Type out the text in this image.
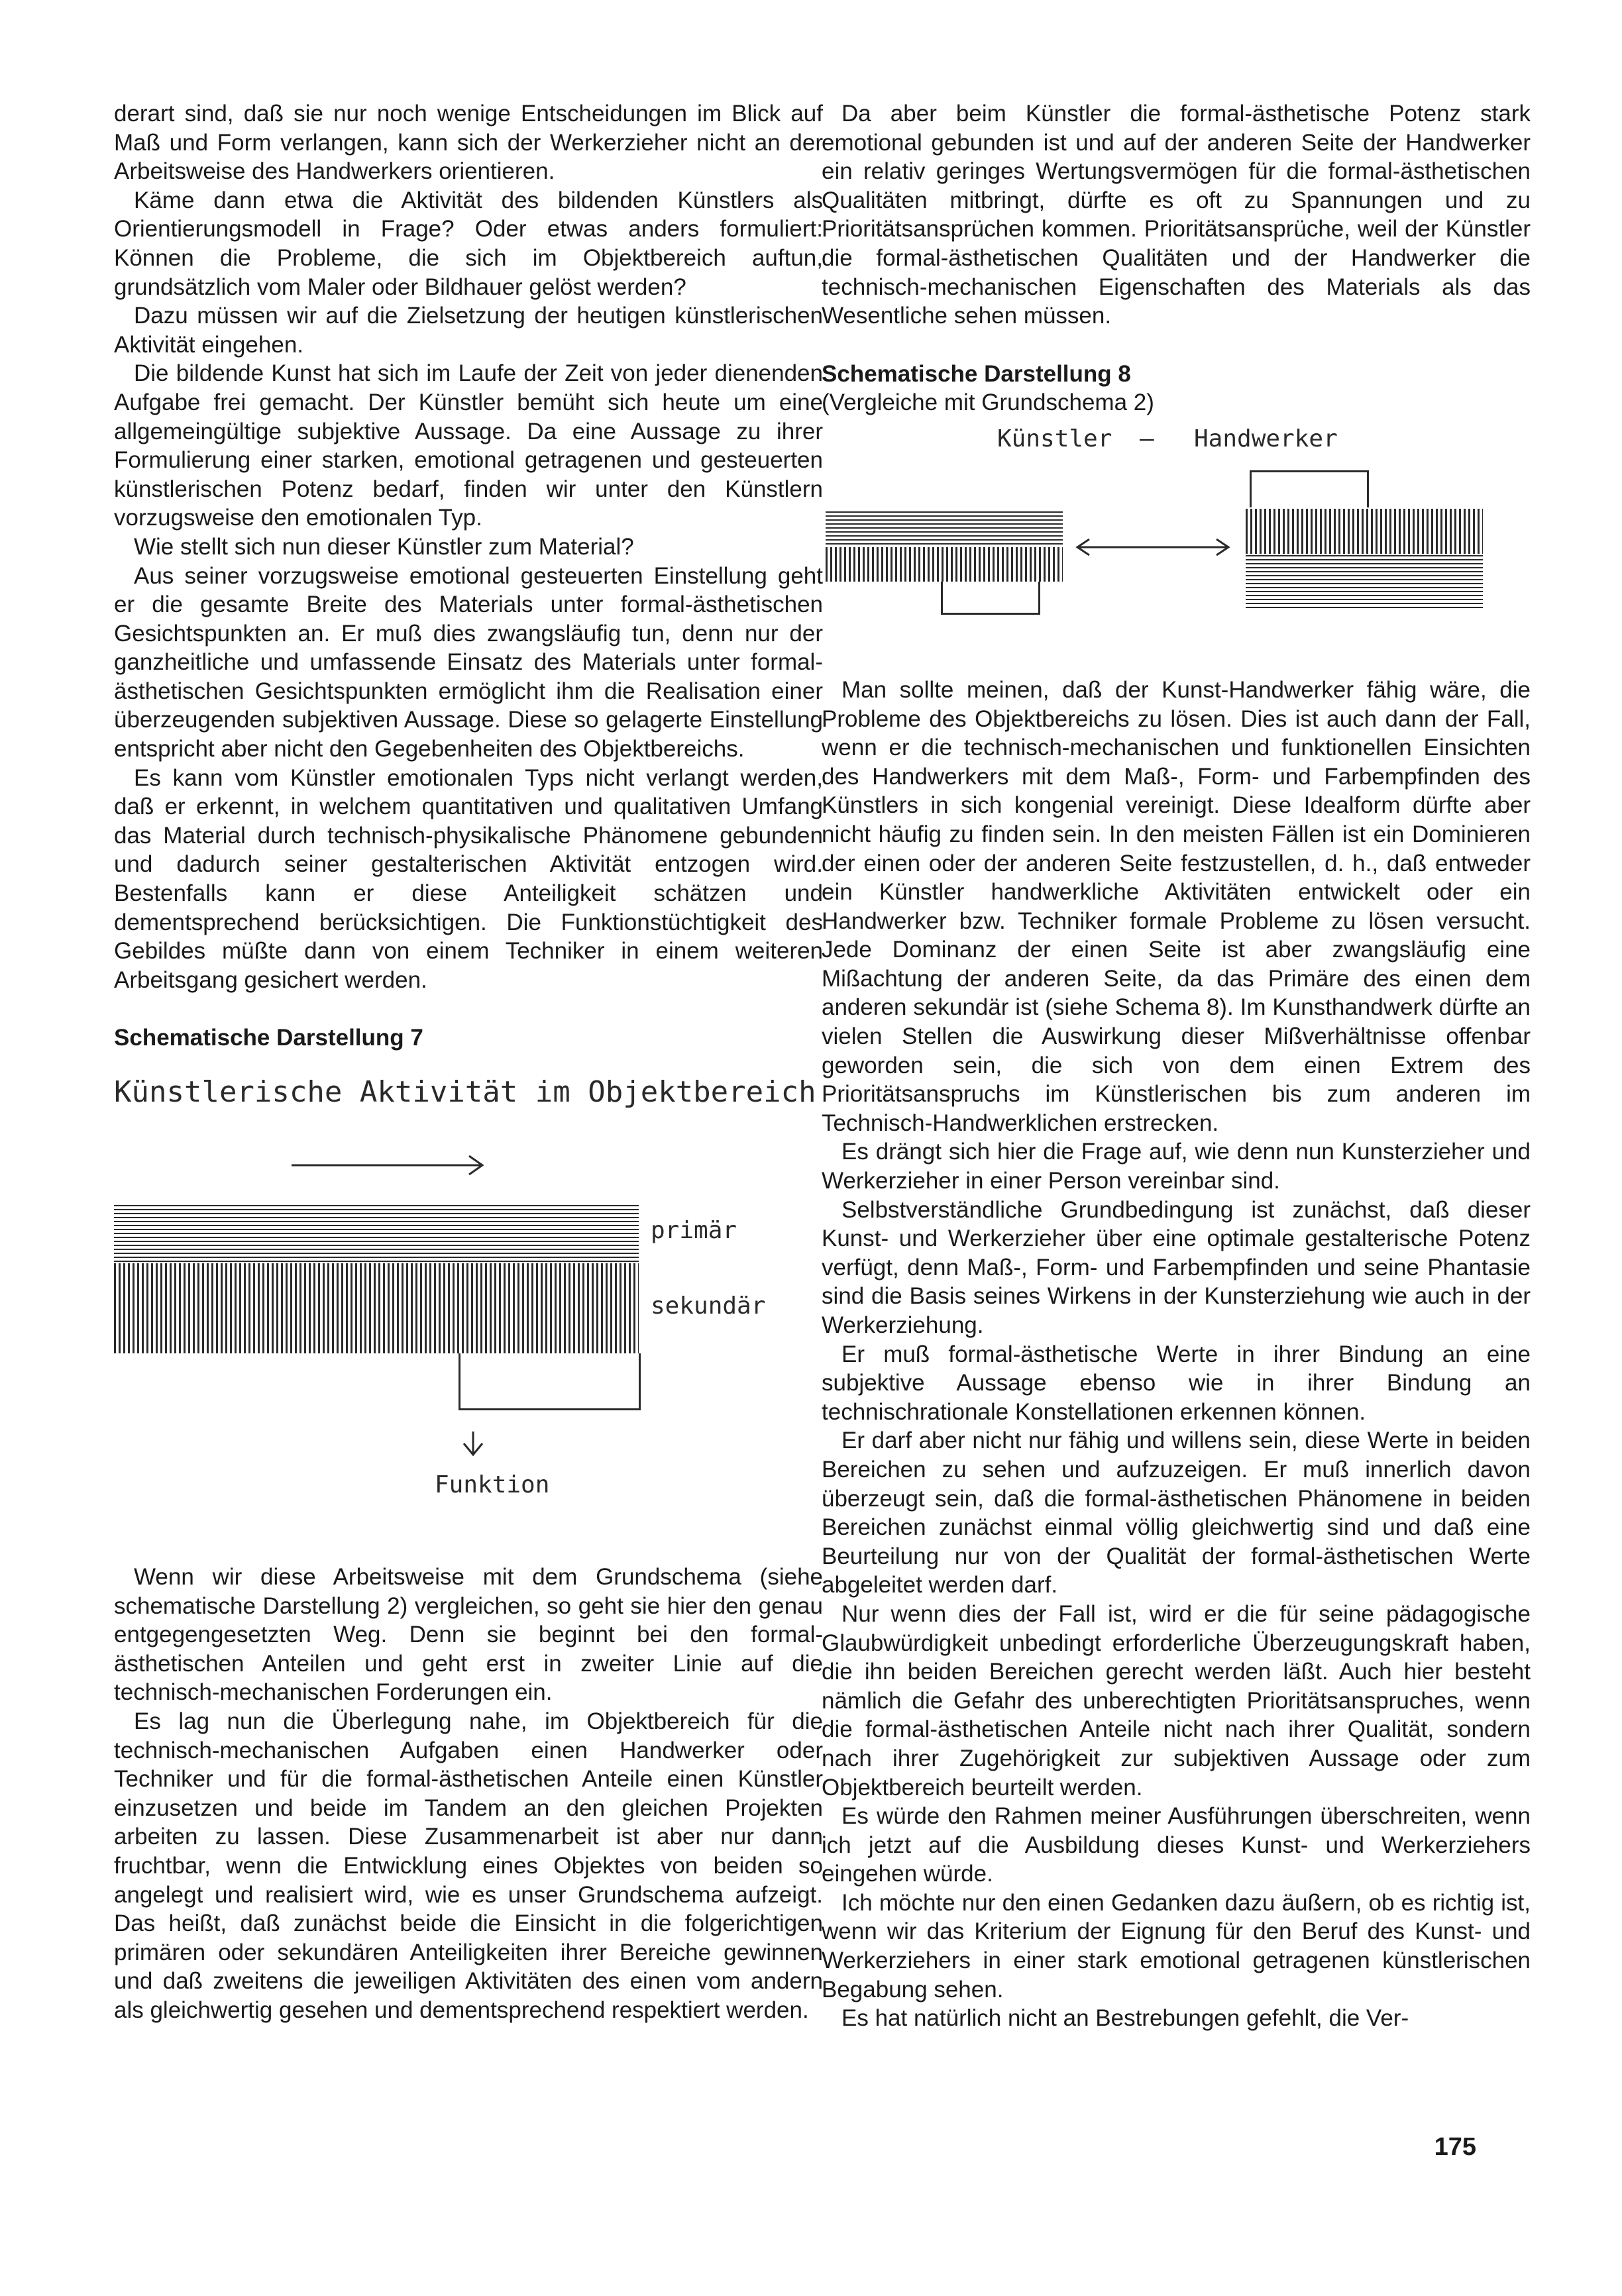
derart sind, daß sie nur noch wenige Entscheidungen im Blick auf Maß und Form verlangen, kann sich der Werkerzieher nicht an der Arbeitsweise des Handwerkers orientieren.

Käme dann etwa die Aktivität des bildenden Künstlers als Orientierungsmodell in Frage? Oder etwas anders formuliert: Können die Probleme, die sich im Objektbereich auftun, grundsätzlich vom Maler oder Bildhauer gelöst werden?

Dazu müssen wir auf die Zielsetzung der heutigen künstlerischen Aktivität eingehen.

Die bildende Kunst hat sich im Laufe der Zeit von jeder dienenden Aufgabe frei gemacht. Der Künstler bemüht sich heute um eine allgemeingültige subjektive Aussage. Da eine Aussage zu ihrer Formulierung einer starken, emotional getragenen und gesteuerten künstlerischen Potenz bedarf, finden wir unter den Künstlern vorzugsweise den emotionalen Typ.

Wie stellt sich nun dieser Künstler zum Material?

Aus seiner vorzugsweise emotional gesteuerten Einstellung geht er die gesamte Breite des Materials unter formal-ästhetischen Gesichtspunkten an. Er muß dies zwangsläufig tun, denn nur der ganzheitliche und umfassende Einsatz des Materials unter formal-ästhetischen Gesichtspunkten ermöglicht ihm die Realisation einer überzeugenden subjektiven Aussage. Diese so gelagerte Einstellung entspricht aber nicht den Gegebenheiten des Objektbereichs.

Es kann vom Künstler emotionalen Typs nicht verlangt werden, daß er erkennt, in welchem quantitativen und qualitativen Umfang das Material durch technisch-physikalische Phänomene gebunden und dadurch seiner gestalterischen Aktivität entzogen wird. Bestenfalls kann er diese Anteiligkeit schätzen und dementsprechend berücksichtigen. Die Funktionstüchtigkeit des Gebildes müßte dann von einem Techniker in einem weiteren Arbeitsgang gesichert werden.

Schematische Darstellung 7

Künstlerische Aktivität im Objektbereich
primär
sekundär
Funktion

Wenn wir diese Arbeitsweise mit dem Grundschema (siehe schematische Darstellung 2) vergleichen, so geht sie hier den genau entgegengesetzten Weg. Denn sie beginnt bei den formal-ästhetischen Anteilen und geht erst in zweiter Linie auf die technisch-mechanischen Forderungen ein.

Es lag nun die Überlegung nahe, im Objektbereich für die technisch-mechanischen Aufgaben einen Handwerker oder Techniker und für die formal-ästhetischen Anteile einen Künstler einzusetzen und beide im Tandem an den gleichen Projekten arbeiten zu lassen. Diese Zusammenarbeit ist aber nur dann fruchtbar, wenn die Entwicklung eines Objektes von beiden so angelegt und realisiert wird, wie es unser Grundschema aufzeigt. Das heißt, daß zunächst beide die Einsicht in die folgerichtigen primären oder sekundären Anteiligkeiten ihrer Bereiche gewinnen und daß zweitens die jeweiligen Aktivitäten des einen vom andern als gleichwertig gesehen und dementsprechend respektiert werden.

Da aber beim Künstler die formal-ästhetische Potenz stark emotional gebunden ist und auf der anderen Seite der Handwerker ein relativ geringes Wertungsvermögen für die formal-ästhetischen Qualitäten mitbringt, dürfte es oft zu Spannungen und zu Prioritätsansprüchen kommen. Prioritätsansprüche, weil der Künstler die formal-ästhetischen Qualitäten und der Handwerker die technisch-mechanischen Eigenschaften des Materials als das Wesentliche sehen müssen.

Schematische Darstellung 8

(Vergleiche mit Grundschema 2)

Künstler — Handwerker

Man sollte meinen, daß der Kunst-Handwerker fähig wäre, die Probleme des Objektbereichs zu lösen. Dies ist auch dann der Fall, wenn er die technisch-mechanischen und funktionellen Einsichten des Handwerkers mit dem Maß-, Form- und Farbempfinden des Künstlers in sich kongenial vereinigt. Diese Idealform dürfte aber nicht häufig zu finden sein. In den meisten Fällen ist ein Dominieren der einen oder der anderen Seite festzustellen, d. h., daß entweder ein Künstler handwerkliche Aktivitäten entwickelt oder ein Handwerker bzw. Techniker formale Probleme zu lösen versucht. Jede Dominanz der einen Seite ist aber zwangsläufig eine Mißachtung der anderen Seite, da das Primäre des einen dem anderen sekundär ist (siehe Schema 8). Im Kunsthandwerk dürfte an vielen Stellen die Auswirkung dieser Mißverhältnisse offenbar geworden sein, die sich von dem einen Extrem des Prioritätsanspruchs im Künstlerischen bis zum anderen im Technisch-Handwerklichen erstrecken.

Es drängt sich hier die Frage auf, wie denn nun Kunsterzieher und Werkerzieher in einer Person vereinbar sind.

Selbstverständliche Grundbedingung ist zunächst, daß dieser Kunst- und Werkerzieher über eine optimale gestalterische Potenz verfügt, denn Maß-, Form- und Farbempfinden und seine Phantasie sind die Basis seines Wirkens in der Kunsterziehung wie auch in der Werkerziehung.

Er muß formal-ästhetische Werte in ihrer Bindung an eine subjektive Aussage ebenso wie in ihrer Bindung an technischrationale Konstellationen erkennen können.

Er darf aber nicht nur fähig und willens sein, diese Werte in beiden Bereichen zu sehen und aufzuzeigen. Er muß innerlich davon überzeugt sein, daß die formal-ästhetischen Phänomene in beiden Bereichen zunächst einmal völlig gleichwertig sind und daß eine Beurteilung nur von der Qualität der formal-ästhetischen Werte abgeleitet werden darf.

Nur wenn dies der Fall ist, wird er die für seine pädagogische Glaubwürdigkeit unbedingt erforderliche Überzeugungskraft haben, die ihn beiden Bereichen gerecht werden läßt. Auch hier besteht nämlich die Gefahr des unberechtigten Prioritätsanspruches, wenn die formal-ästhetischen Anteile nicht nach ihrer Qualität, sondern nach ihrer Zugehörigkeit zur subjektiven Aussage oder zum Objektbereich beurteilt werden.

Es würde den Rahmen meiner Ausführungen überschreiten, wenn ich jetzt auf die Ausbildung dieses Kunst- und Werkerziehers eingehen würde.

Ich möchte nur den einen Gedanken dazu äußern, ob es richtig ist, wenn wir das Kriterium der Eignung für den Beruf des Kunst- und Werkerziehers in einer stark emotional getragenen künstlerischen Begabung sehen.

Es hat natürlich nicht an Bestrebungen gefehlt, die Ver-

175
